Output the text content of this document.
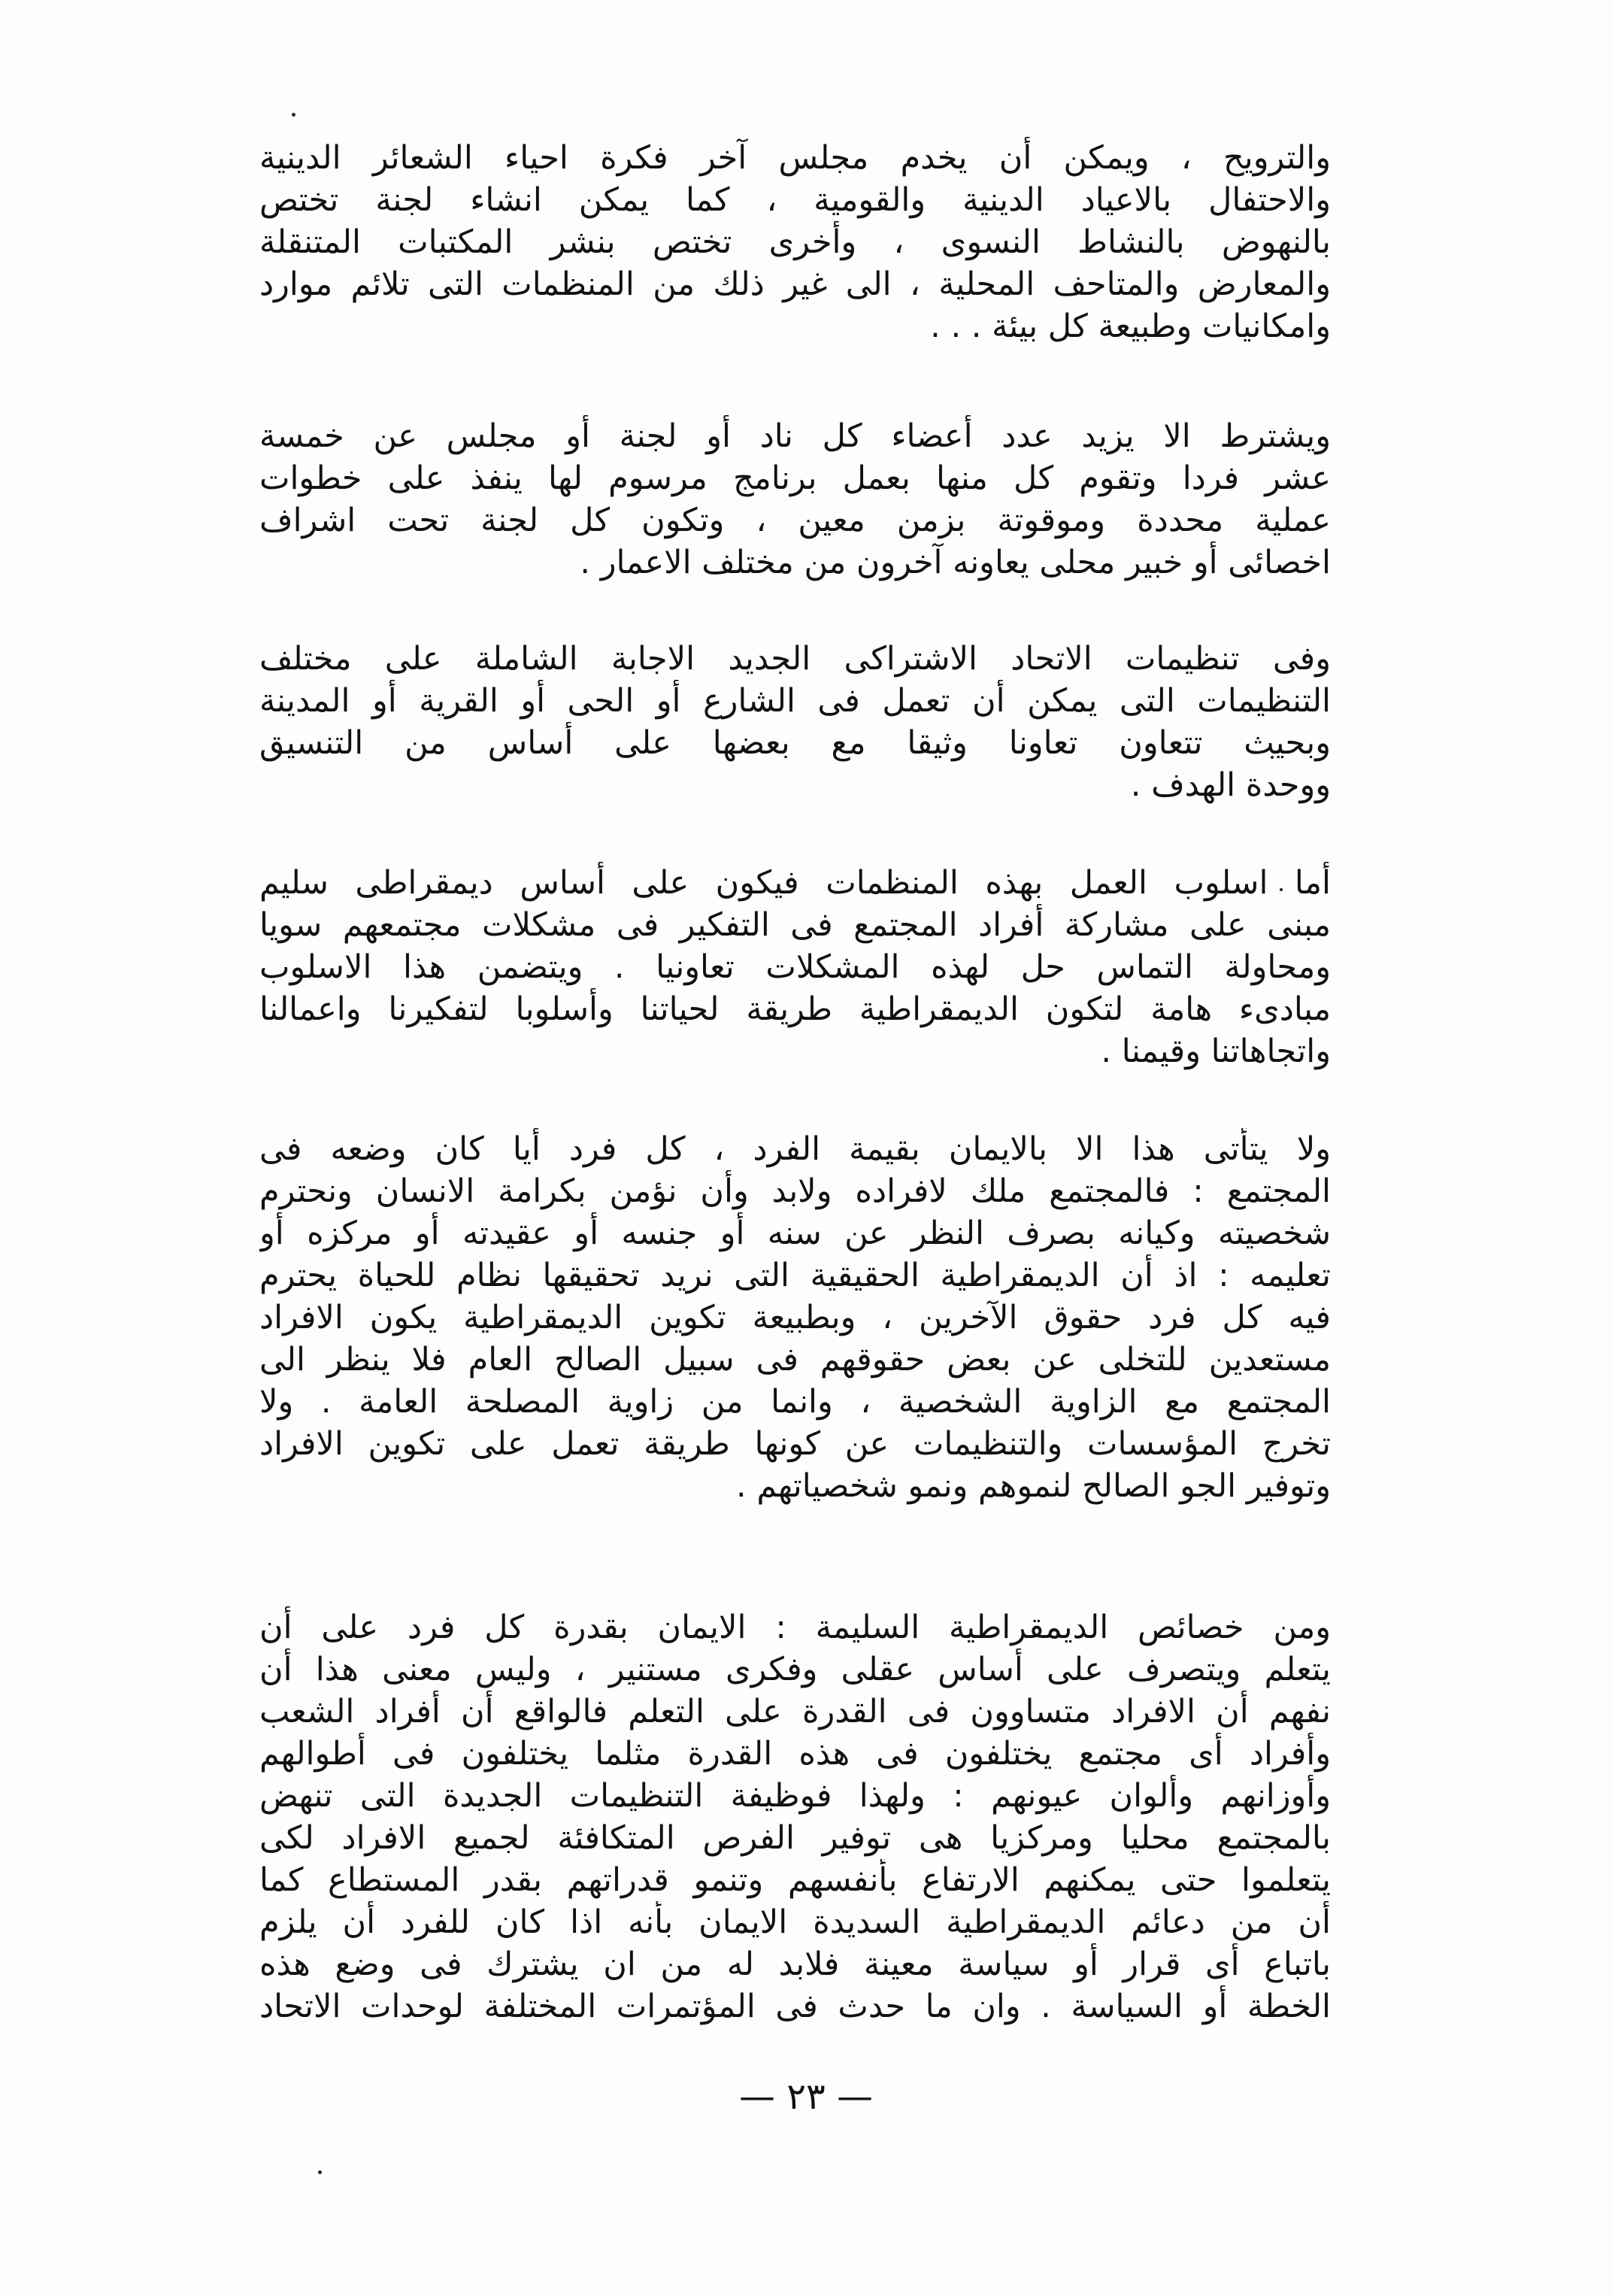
والترويح ، ويمكن أن يخدم مجلس آخر فكرة احياء الشعائر الدينية
والاحتفال بالاعياد الدينية والقومية ، كما يمكن انشاء لجنة تختص
بالنهوض بالنشاط النسوى ، وأخرى تختص بنشر المكتبات المتنقلة
والمعارض والمتاحف المحلية ، الى غير ذلك من المنظمات التى تلائم موارد
وامكانيات وطبيعة كل بيئة . . .
ويشترط الا يزيد عدد أعضاء كل ناد أو لجنة أو مجلس عن خمسة
عشر فردا وتقوم كل منها بعمل برنامج مرسوم لها ينفذ على خطوات
عملية محددة وموقوتة بزمن معين ، وتكون كل لجنة تحت اشراف
اخصائى أو خبير محلى يعاونه آخرون من مختلف الاعمار .
وفى تنظيمات الاتحاد الاشتراكى الجديد الاجابة الشاملة على مختلف
التنظيمات التى يمكن أن تعمل فى الشارع أو الحى أو القرية أو المدينة
وبحيث تتعاون تعاونا وثيقا مع بعضها على أساس من التنسيق
ووحدة الهدف .
أما اسلوب العمل بهذه المنظمات فيكون على أساس ديمقراطى سليم
مبنى على مشاركة أفراد المجتمع فى التفكير فى مشكلات مجتمعهم سويا
ومحاولة التماس حل لهذه المشكلات تعاونيا . ويتضمن هذا الاسلوب
مبادىء هامة لتكون الديمقراطية طريقة لحياتنا وأسلوبا لتفكيرنا واعمالنا
واتجاهاتنا وقيمنا .
ولا يتأتى هذا الا بالايمان بقيمة الفرد ، كل فرد أيا كان وضعه فى
المجتمع : فالمجتمع ملك لافراده ولابد وأن نؤمن بكرامة الانسان ونحترم
شخصيته وكيانه بصرف النظر عن سنه أو جنسه أو عقيدته أو مركزه أو
تعليمه : اذ أن الديمقراطية الحقيقية التى نريد تحقيقها نظام للحياة يحترم
فيه كل فرد حقوق الآخرين ، وبطبيعة تكوين الديمقراطية يكون الافراد
مستعدين للتخلى عن بعض حقوقهم فى سبيل الصالح العام فلا ينظر الى
المجتمع مع الزاوية الشخصية ، وانما من زاوية المصلحة العامة . ولا
تخرج المؤسسات والتنظيمات عن كونها طريقة تعمل على تكوين الافراد
وتوفير الجو الصالح لنموهم ونمو شخصياتهم .
ومن خصائص الديمقراطية السليمة : الايمان بقدرة كل فرد على أن
يتعلم ويتصرف على أساس عقلى وفكرى مستنير ، وليس معنى هذا أن
نفهم أن الافراد متساوون فى القدرة على التعلم فالواقع أن أفراد الشعب
وأفراد أى مجتمع يختلفون فى هذه القدرة مثلما يختلفون فى أطوالهم
وأوزانهم وألوان عيونهم : ولهذا فوظيفة التنظيمات الجديدة التى تنهض
بالمجتمع محليا ومركزيا هى توفير الفرص المتكافئة لجميع الافراد لكى
يتعلموا حتى يمكنهم الارتفاع بأنفسهم وتنمو قدراتهم بقدر المستطاع كما
أن من دعائم الديمقراطية السديدة الايمان بأنه اذا كان للفرد أن يلزم
باتباع أى قرار أو سياسة معينة فلابد له من ان يشترك فى وضع هذه
الخطة أو السياسة . وان ما حدث فى المؤتمرات المختلفة لوحدات الاتحاد
— ٢٣ —
